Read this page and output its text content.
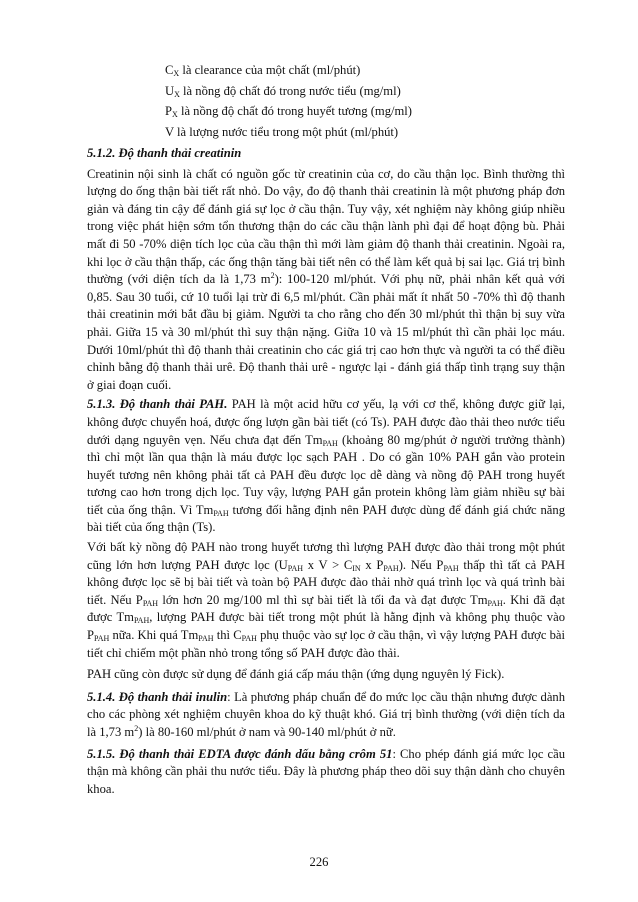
$C_X$ là clearance của một chất (ml/phút)
$U_X$ là nồng độ chất đó trong nước tiểu (mg/ml)
$P_X$ là nồng độ chất đó trong huyết tương (mg/ml)
V là lượng nước tiểu trong một phút (ml/phút)
5.1.2. Độ thanh thải creatinin
Creatinin nội sinh là chất có nguồn gốc từ creatinin của cơ, do cầu thận lọc. Bình thường thì lượng do ống thận bài tiết rất nhỏ. Do vậy, đo độ thanh thải creatinin là một phương pháp đơn giản và đáng tin cậy để đánh giá sự lọc ở cầu thận. Tuy vậy, xét nghiệm này không giúp nhiều trong việc phát hiện sớm tổn thương thận do các cầu thận lành phì đại để hoạt động bù. Phải mất đi 50 -70% diện tích lọc của cầu thận thì mới làm giảm độ thanh thải creatinin. Ngoài ra, khi lọc ở cầu thận thấp, các ống thận tăng bài tiết nên có thể làm kết quả bị sai lạc. Giá trị bình thường (với diện tích da là 1,73 $m^2$): 100-120 ml/phút. Với phụ nữ, phải nhân kết quả với 0,85. Sau 30 tuổi, cứ 10 tuổi lại trừ đi 6,5 ml/phút. Cần phải mất ít nhất 50 -70% thì độ thanh thải creatinin mới bắt đầu bị giảm. Người ta cho rằng cho đến 30 ml/phút thì thận bị suy vừa phải. Giữa 15 và 30 ml/phút thì suy thận nặng. Giữa 10 và 15 ml/phút thì cần phải lọc máu. Dưới 10ml/phút thì độ thanh thải creatinin cho các giá trị cao hơn thực và người ta có thể điều chỉnh bằng độ thanh thải urê. Độ thanh thải urê - ngược lại - đánh giá thấp tình trạng suy thận ở giai đoạn cuối.
5.1.3. Độ thanh thải PAH. PAH là một acid hữu cơ yếu, lạ với cơ thể, không được giữ lại, không được chuyển hoá, được ống lượn gần bài tiết (có Ts). PAH được đào thải theo nước tiểu dưới dạng nguyên vẹn. Nếu chưa đạt đến $Tm_{PAH}$ (khoảng 80 mg/phút ở người trưởng thành) thì chỉ một lần qua thận là máu được lọc sạch PAH . Do có gần 10% PAH gắn vào protein huyết tương nên không phải tất cả PAH đều được lọc dễ dàng và nồng độ PAH trong huyết tương cao hơn trong dịch lọc. Tuy vậy, lượng PAH gắn protein không làm giảm nhiều sự bài tiết của ống thận. Vì $Tm_{PAH}$ tương đối hằng định nên PAH được dùng để đánh giá chức năng bài tiết của ống thận (Ts).
Với bất kỳ nồng độ PAH nào trong huyết tương thì lượng PAH được đào thải trong một phút cũng lớn hơn lượng PAH được lọc ($U_{PAH}$ x $V > C_{IN}$ x $P_{PAH}$). Nếu $P_{PAH}$ thấp thì tất cả PAH không được lọc sẽ bị bài tiết và toàn bộ PAH được đào thải nhờ quá trình lọc và quá trình bài tiết. Nếu $P_{PAH}$ lớn hơn 20 mg/100 ml thì sự bài tiết là tối đa và đạt được $Tm_{PAH}$. Khi đã đạt được $Tm_{PAH}$, lượng PAH được bài tiết trong một phút là hằng định và không phụ thuộc vào $P_{PAH}$ nữa. Khi quá $Tm_{PAH}$ thì $C_{PAH}$ phụ thuộc vào sự lọc ở cầu thận, vì vậy lượng PAH được bài tiết chỉ chiếm một phần nhỏ trong tổng số PAH được đào thải.
PAH cũng còn được sử dụng để đánh giá cấp máu thận (ứng dụng nguyên lý Fick).
5.1.4. Độ thanh thải inulin: Là phương pháp chuẩn để đo mức lọc cầu thận nhưng được dành cho các phòng xét nghiệm chuyên khoa do kỹ thuật khó. Giá trị bình thường (với diện tích da là 1,73 $m^2$) là 80-160 ml/phút ở nam và 90-140 ml/phút ở nữ.
5.1.5. Độ thanh thải EDTA được đánh dấu bằng crôm 51: Cho phép đánh giá mức lọc cầu thận mà không cần phải thu nước tiểu. Đây là phương pháp theo dõi suy thận dành cho chuyên khoa.
226
